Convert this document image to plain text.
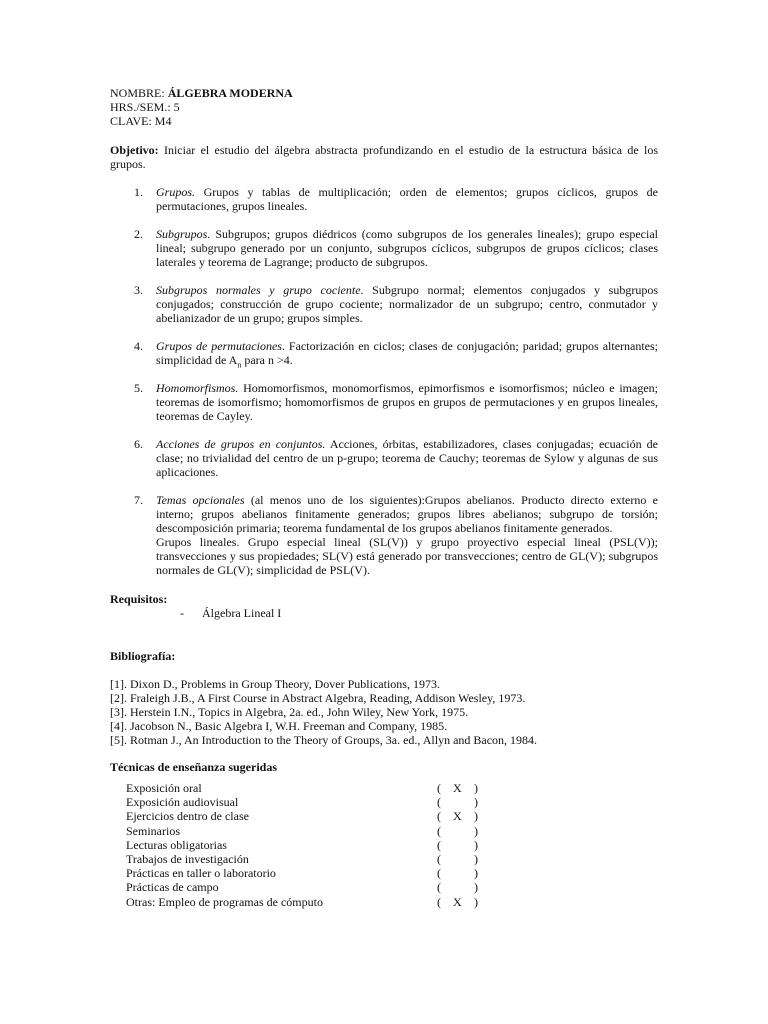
NOMBRE: ÁLGEBRA MODERNA
HRS./SEM.: 5
CLAVE: M4
Objetivo: Iniciar el estudio del álgebra abstracta profundizando en el estudio de la estructura básica de los grupos.
1. Grupos. Grupos y tablas de multiplicación; orden de elementos; grupos cíclicos, grupos de permutaciones, grupos lineales.
2. Subgrupos. Subgrupos; grupos diédricos (como subgrupos de los generales lineales); grupo especial lineal; subgrupo generado por un conjunto, subgrupos cíclicos, subgrupos de grupos cíclicos; clases laterales y teorema de Lagrange; producto de subgrupos.
3. Subgrupos normales y grupo cociente. Subgrupo normal; elementos conjugados y subgrupos conjugados; construcción de grupo cociente; normalizador de un subgrupo; centro, conmutador y abelianizador de un grupo; grupos simples.
4. Grupos de permutaciones. Factorización en ciclos; clases de conjugación; paridad; grupos alternantes; simplicidad de $A_n$ para n >4.
5. Homomorfismos. Homomorfismos, monomorfismos, epimorfismos e isomorfismos; núcleo e imagen; teoremas de isomorfismo; homomorfismos de grupos en grupos de permutaciones y en grupos lineales, teoremas de Cayley.
6. Acciones de grupos en conjuntos. Acciones, órbitas, estabilizadores, clases conjugadas; ecuación de clase; no trivialidad del centro de un p-grupo; teorema de Cauchy; teoremas de Sylow y algunas de sus aplicaciones.
7. Temas opcionales (al menos uno de los siguientes):Grupos abelianos. Producto directo externo e interno; grupos abelianos finitamente generados; grupos libres abelianos; subgrupo de torsión; descomposición primaria; teorema fundamental de los grupos abelianos finitamente generados.
Grupos lineales. Grupo especial lineal (SL(V)) y grupo proyectivo especial lineal (PSL(V)); transvecciones y sus propiedades; SL(V) está generado por transvecciones; centro de GL(V); subgrupos normales de GL(V); simplicidad de PSL(V).
Requisitos:
- Álgebra Lineal I
Bibliografía:
[1]. Dixon D., Problems in Group Theory, Dover Publications, 1973.
[2]. Fraleigh J.B., A First Course in Abstract Algebra, Reading, Addison Wesley, 1973.
[3]. Herstein I.N., Topics in Algebra, 2a. ed., John Wiley, New York, 1975.
[4]. Jacobson N., Basic Algebra I, W.H. Freeman and Company, 1985.
[5]. Rotman J., An Introduction to the Theory of Groups, 3a. ed., Allyn and Bacon, 1984.
Técnicas de enseñanza sugeridas
Exposición oral	( X )
Exposición audiovisual	(	)
Ejercicios dentro de clase	( X )
Seminarios	(	)
Lecturas obligatorias	(	)
Trabajos de investigación	(	)
Prácticas en taller o laboratorio	(	)
Prácticas de campo	(	)
Otras: Empleo de programas de cómputo	( X )
